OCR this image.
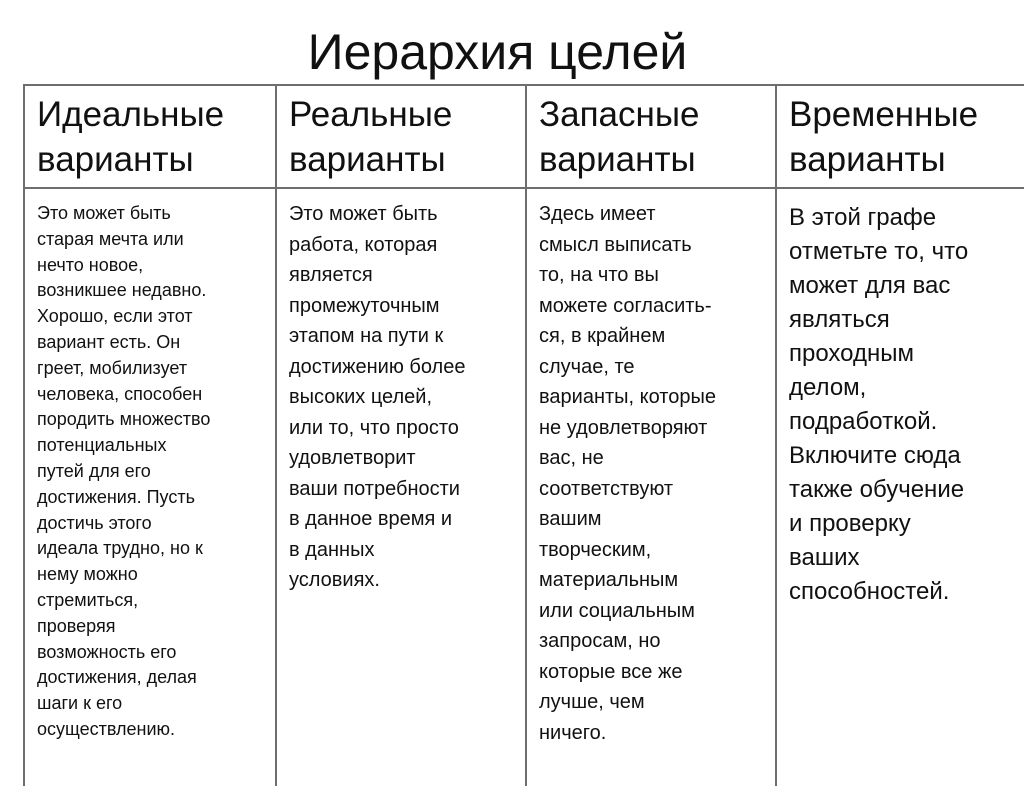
Иерархия целей
Идеальные
варианты
Это может быть
старая мечта или
нечто новое,
возникшее недавно.
Хорошо, если этот
вариант есть. Он
греет, мобилизует
человека, способен
породить множество
потенциальных
путей для его
достижения. Пусть
достичь этого
идеала трудно, но к
нему можно
стремиться,
проверяя
возможность его
достижения, делая
шаги к его
осуществлению.
Реальные
варианты
Это может быть
работа, которая
является
промежуточным
этапом на пути к
достижению более
высоких целей,
или то, что просто
удовлетворит
ваши потребности
в данное время и
в данных
условиях.
Запасные
варианты
Здесь имеет
смысл выписать
то, на что вы
можете согласить-
ся, в крайнем
случае, те
варианты, которые
не удовлетворяют
вас, не
соответствуют
вашим
творческим,
материальным
или социальным
запросам, но
которые все же
лучше, чем
ничего.
Временные
варианты
В этой графе
отметьте то, что
может для вас
являться
проходным
делом,
подработкой.
Включите сюда
также обучение
и проверку
ваших
способностей.
